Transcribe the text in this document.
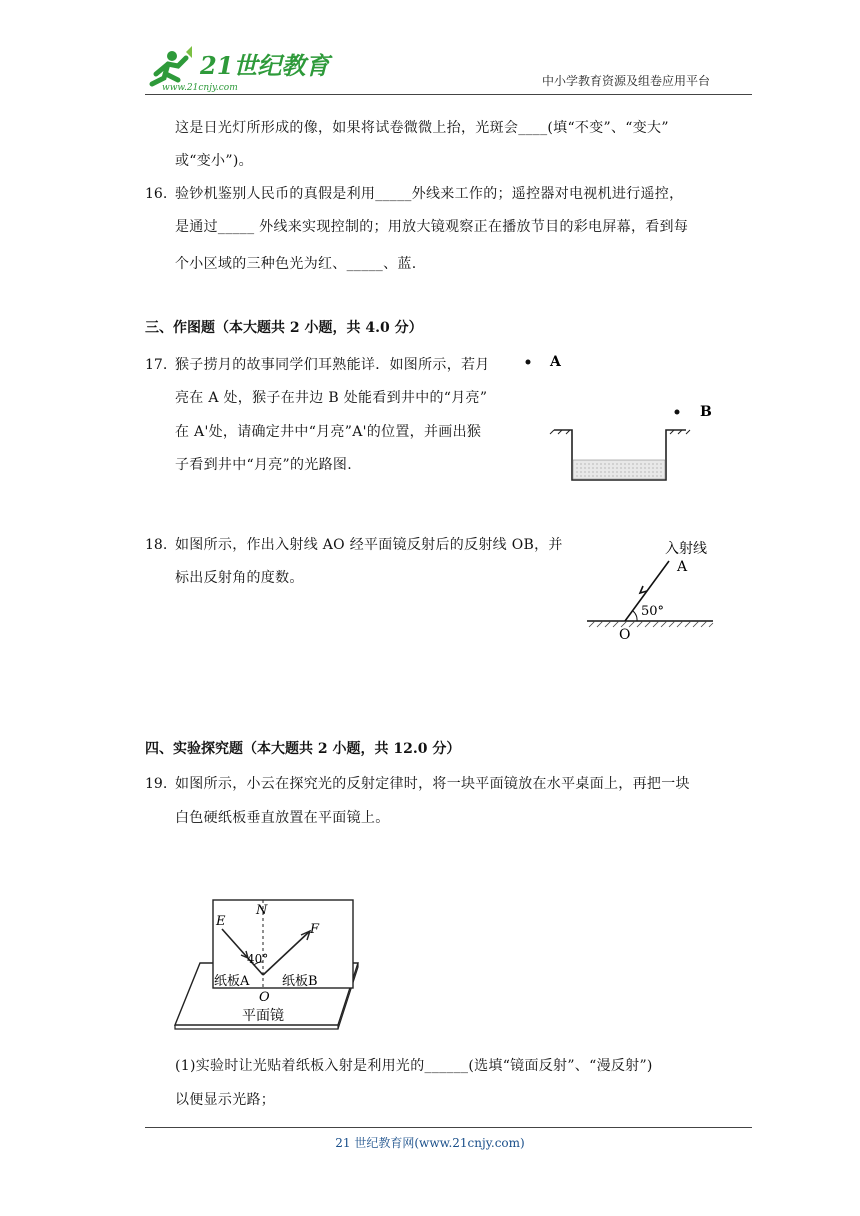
21世纪教育
www.21cnjy.com	中小学教育资源及组卷应用平台
这是日光灯所形成的像，如果将试卷微微上抬，光斑会____(填“不变”、“变大”
或“变小”)。
16. 验钞机鉴别人民币的真假是利用_____外线来工作的；遥控器对电视机进行遥控，
是通过_____ 外线来实现控制的；用放大镜观察正在播放节目的彩电屏幕，看到每
个小区域的三种色光为红、_____、蓝.
三、作图题（本大题共 2 小题，共 4.0 分）
17. 猴子捞月的故事同学们耳熟能详．如图所示，若月
亮在 A 处，猴子在井边 B 处能看到井中的“月亮”
在 A'处，请确定井中“月亮”A'的位置，并画出猴
子看到井中“月亮”的光路图.
A
B
18. 如图所示，作出入射线 AO 经平面镜反射后的反射线 OB，并
标出反射角的度数。
入射线
A
50°
O
四、实验探究题（本大题共 2 小题，共 12.0 分）
19. 如图所示，小云在探究光的反射定律时，将一块平面镜放在水平桌面上，再把一块
白色硬纸板垂直放置在平面镜上。
平面镜
N
E
F
40°
纸板A	纸板B
O
(1)实验时让光贴着纸板入射是利用光的______(选填“镜面反射”、“漫反射”)
以便显示光路；
21 世纪教育网(www.21cnjy.com)
